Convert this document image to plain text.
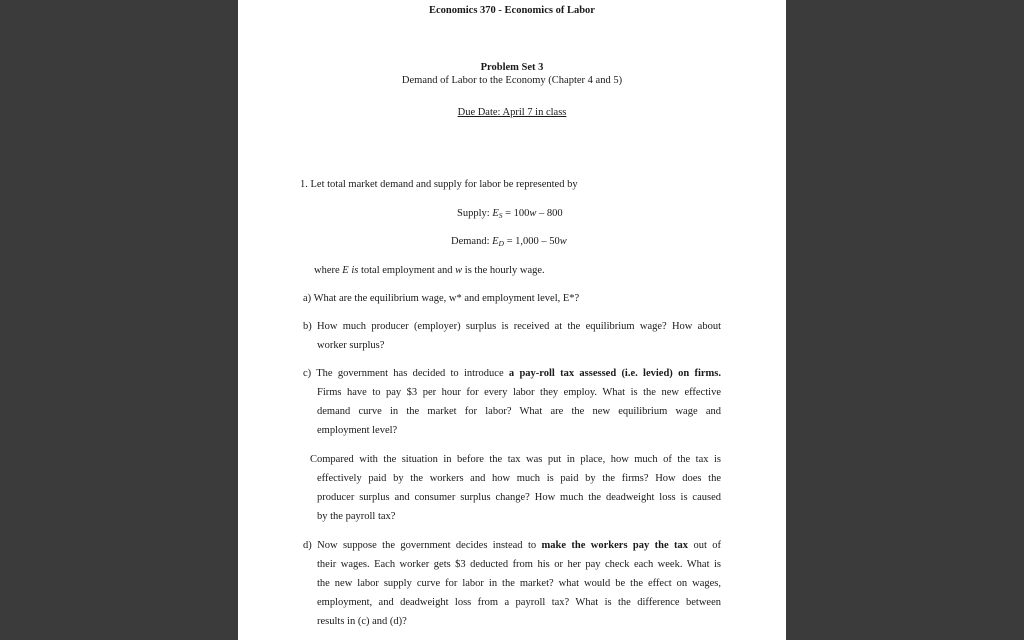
Economics 370 - Economics of Labor
Problem Set 3
Demand of Labor to the Economy (Chapter 4 and 5)
Due Date: April 7 in class
1. Let total market demand and supply for labor be represented by
Supply: $E_S = 100w - 800$
Demand: $E_D = 1,000 - 50w$
where E is total employment and w is the hourly wage.
a) What are the equilibrium wage, w* and employment level, E*?
b) How much producer (employer) surplus is received at the equilibrium wage? How about
worker surplus?
c) The government has decided to introduce a pay-roll tax assessed (i.e. levied) on firms.
Firms have to pay $3 per hour for every labor they employ. What is the new effective
demand curve in the market for labor? What are the new equilibrium wage and
employment level?
Compared with the situation in before the tax was put in place, how much of the tax is
effectively paid by the workers and how much is paid by the firms? How does the
producer surplus and consumer surplus change? How much the deadweight loss is caused
by the payroll tax?
d) Now suppose the government decides instead to make the workers pay the tax out of
their wages. Each worker gets $3 deducted from his or her pay check each week. What is
the new labor supply curve for labor in the market? what would be the effect on wages,
employment, and deadweight loss from a payroll tax? What is the difference between
results in (c) and (d)?
